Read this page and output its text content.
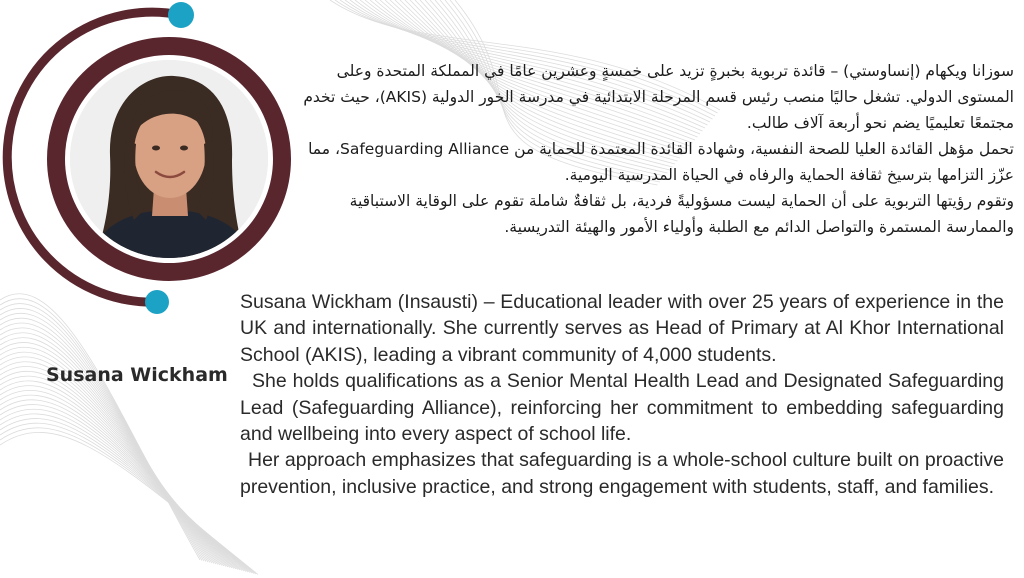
Susana Wickham

سوزانا ويكهام (إنساوستي) – قائدة تربوية بخبرةٍ تزيد على خمسةٍ وعشرين عامًا في المملكة المتحدة وعلى المستوى الدولي. تشغل حاليًا منصب رئيس قسم المرحلة الابتدائية في مدرسة الخور الدولية (AKIS)، حيث تخدم مجتمعًا تعليميًا يضم نحو أربعة آلاف طالب.

تحمل مؤهل القائدة العليا للصحة النفسية، وشهادة القائدة المعتمدة للحماية من Safeguarding Alliance، مما عزّز التزامها بترسيخ ثقافة الحماية والرفاه في الحياة المدرسية اليومية.

وتقوم رؤيتها التربوية على أن الحماية ليست مسؤوليةً فردية، بل ثقافةٌ شاملة تقوم على الوقاية الاستباقية والممارسة المستمرة والتواصل الدائم مع الطلبة وأولياء الأمور والهيئة التدريسية.

Susana Wickham (Insausti) – Educational leader with over 25 years of experience in the UK and internationally. She currently serves as Head of Primary at Al Khor International School (AKIS), leading a vibrant community of 4,000 students.

She holds qualifications as a Senior Mental Health Lead and Designated Safeguarding Lead (Safeguarding Alliance), reinforcing her commitment to embedding safeguarding and wellbeing into every aspect of school life.

Her approach emphasizes that safeguarding is a whole-school culture built on proactive prevention, inclusive practice, and strong engagement with students, staff, and families.
